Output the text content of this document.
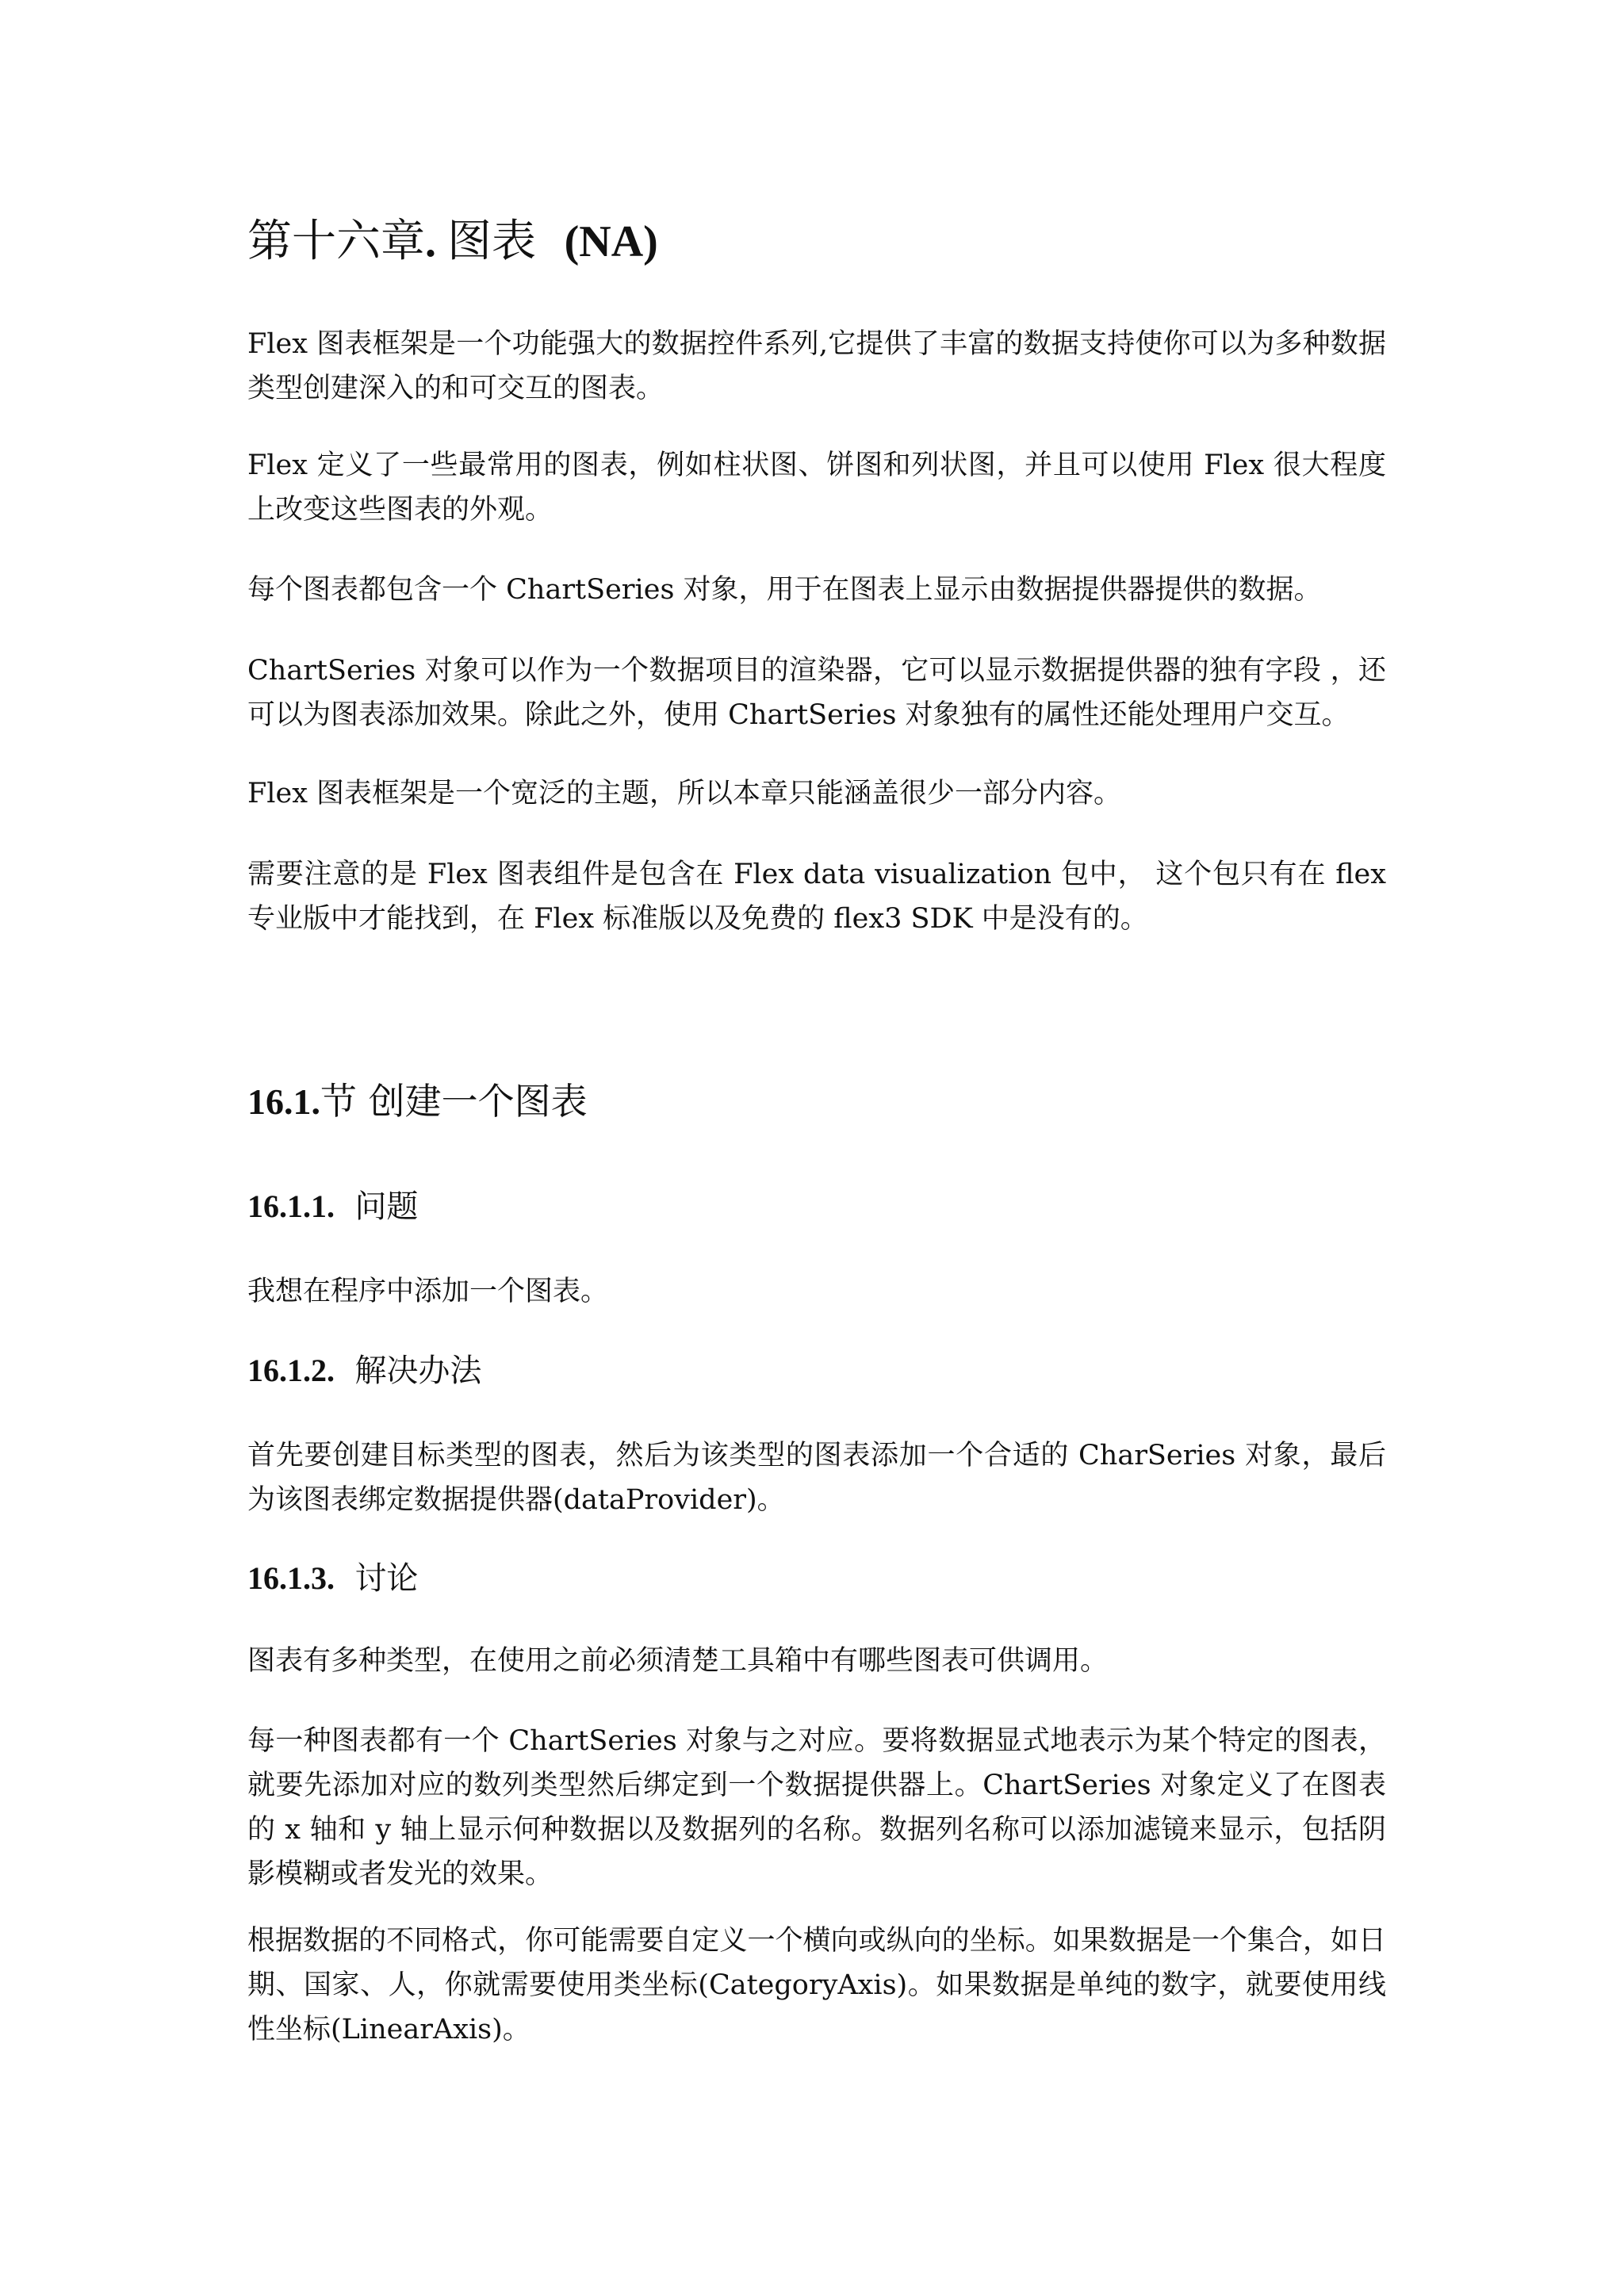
第十六章. 图表 (NA)

Flex 图表框架是一个功能强大的数据控件系列,它提供了丰富的数据支持使你可以为多种数据类型创建深入的和可交互的图表。

Flex 定义了一些最常用的图表，例如柱状图、饼图和列状图，并且可以使用 Flex 很大程度上改变这些图表的外观。

每个图表都包含一个 ChartSeries 对象，用于在图表上显示由数据提供器提供的数据。

ChartSeries 对象可以作为一个数据项目的渲染器，它可以显示数据提供器的独有字段 ，还可以为图表添加效果。除此之外，使用 ChartSeries 对象独有的属性还能处理用户交互。

Flex 图表框架是一个宽泛的主题，所以本章只能涵盖很少一部分内容。

需要注意的是 Flex 图表组件是包含在 Flex data visualization 包中， 这个包只有在 flex 专业版中才能找到，在 Flex 标准版以及免费的 flex3 SDK 中是没有的。

16.1.节 创建一个图表
16.1.1. 问题

我想在程序中添加一个图表。

16.1.2. 解决办法

首先要创建目标类型的图表，然后为该类型的图表添加一个合适的 CharSeries 对象，最后为该图表绑定数据提供器(dataProvider)。

16.1.3. 讨论

图表有多种类型，在使用之前必须清楚工具箱中有哪些图表可供调用。

每一种图表都有一个 ChartSeries 对象与之对应。要将数据显式地表示为某个特定的图表，就要先添加对应的数列类型然后绑定到一个数据提供器上。ChartSeries 对象定义了在图表的 x 轴和 y 轴上显示何种数据以及数据列的名称。数据列名称可以添加滤镜来显示，包括阴影模糊或者发光的效果。

根据数据的不同格式，你可能需要自定义一个横向或纵向的坐标。如果数据是一个集合，如日期、国家、人，你就需要使用类坐标(CategoryAxis)。如果数据是单纯的数字，就要使用线性坐标(LinearAxis)。
